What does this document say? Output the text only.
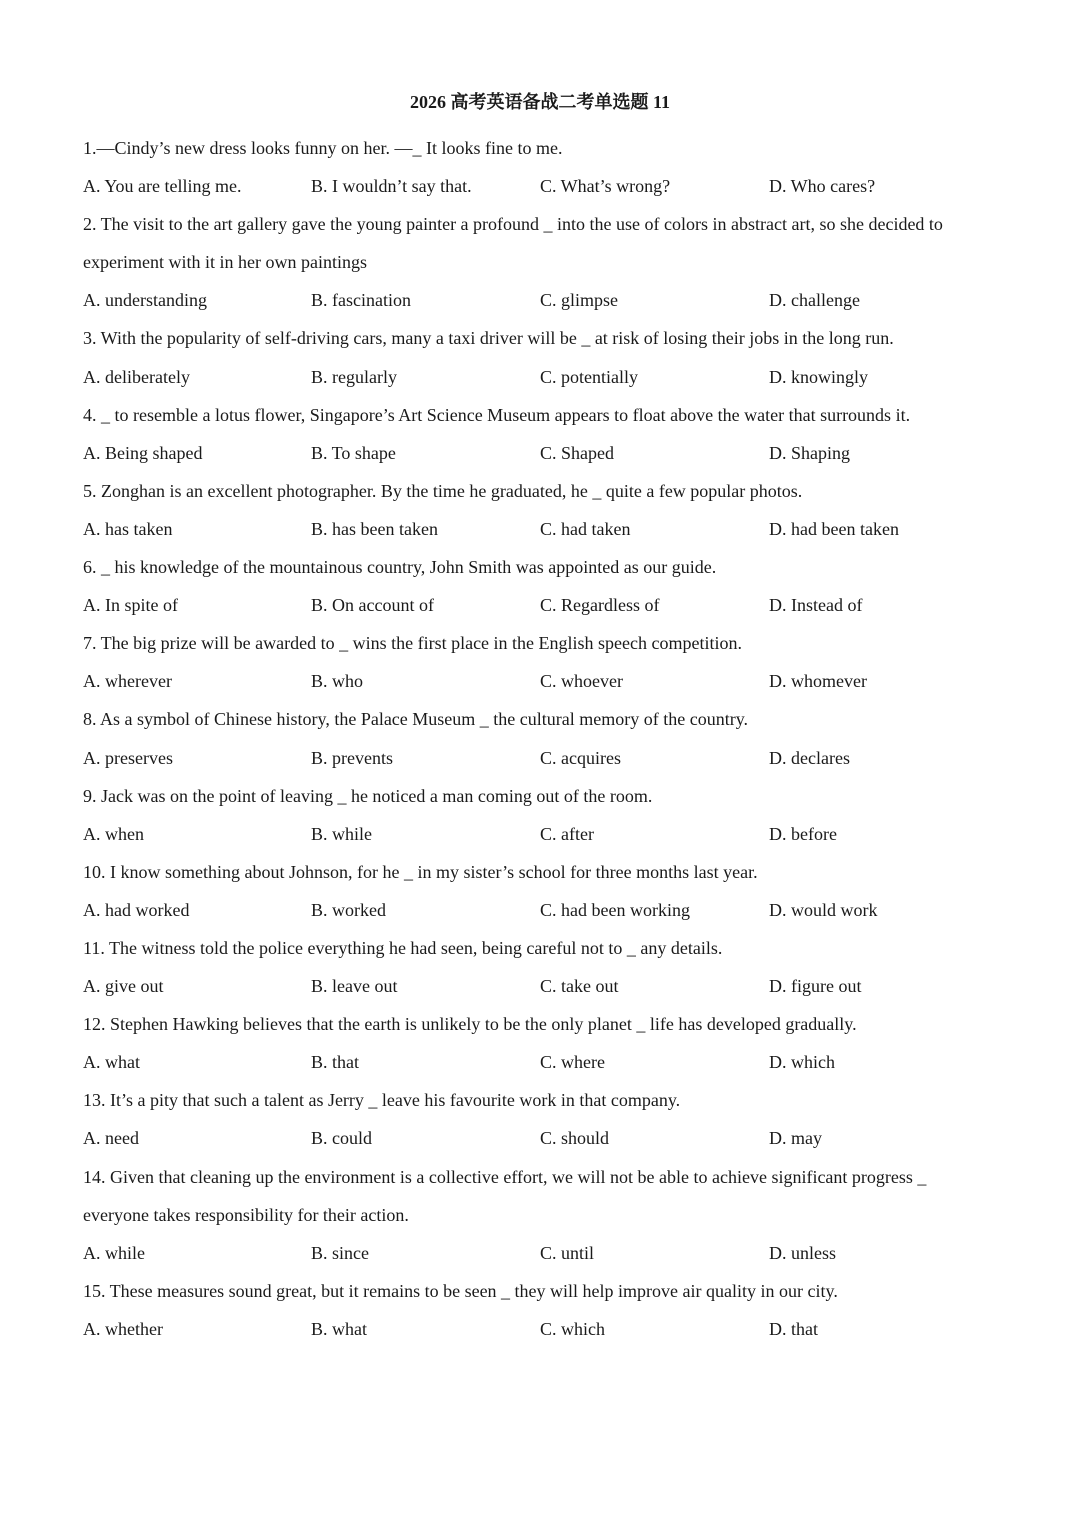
2026 高考英语备战二考单选题 11
1.—Cindy’s new dress looks funny on her. —_ It looks fine to me.
A. You are telling me.	B. I wouldn’t say that.	C. What’s wrong?	D. Who cares?
2. The visit to the art gallery gave the young painter a profound _ into the use of colors in abstract art, so she decided to
experiment with it in her own paintings
A. understanding	B. fascination	C. glimpse	D. challenge
3. With the popularity of self-driving cars, many a taxi driver will be _ at risk of losing their jobs in the long run.
A. deliberately	B. regularly	C. potentially	D. knowingly
4. _ to resemble a lotus flower, Singapore’s Art Science Museum appears to float above the water that surrounds it.
A. Being shaped	B. To shape	C. Shaped	D. Shaping
5. Zonghan is an excellent photographer. By the time he graduated, he _ quite a few popular photos.
A. has taken	B. has been taken	C. had taken	D. had been taken
6. _ his knowledge of the mountainous country, John Smith was appointed as our guide.
A. In spite of	B. On account of	C. Regardless of	D. Instead of
7. The big prize will be awarded to _ wins the first place in the English speech competition.
A. wherever	B. who	C. whoever	D. whomever
8. As a symbol of Chinese history, the Palace Museum _ the cultural memory of the country.
A. preserves	B. prevents	C. acquires	D. declares
9. Jack was on the point of leaving _ he noticed a man coming out of the room.
A. when	B. while	C. after	D. before
10. I know something about Johnson, for he _ in my sister’s school for three months last year.
A. had worked	B. worked	C. had been working	D. would work
11. The witness told the police everything he had seen, being careful not to _ any details.
A. give out	B. leave out	C. take out	D. figure out
12. Stephen Hawking believes that the earth is unlikely to be the only planet _ life has developed gradually.
A. what	B. that	C. where	D. which
13. It’s a pity that such a talent as Jerry _ leave his favourite work in that company.
A. need	B. could	C. should	D. may
14. Given that cleaning up the environment is a collective effort, we will not be able to achieve significant progress _
everyone takes responsibility for their action.
A. while	B. since	C. until	D. unless
15. These measures sound great, but it remains to be seen _ they will help improve air quality in our city.
A. whether	B. what	C. which	D. that
